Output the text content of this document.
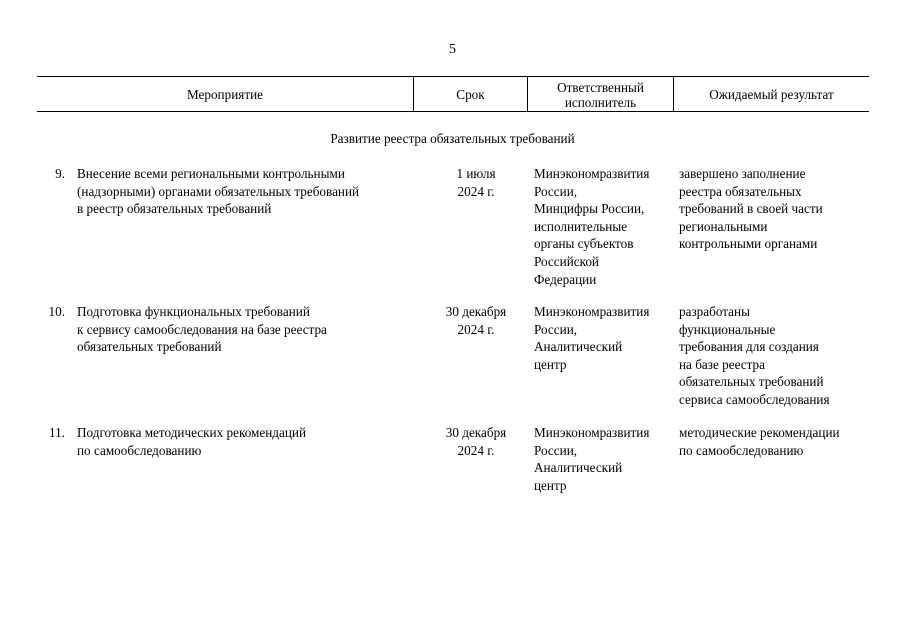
5
Мероприятие	Срок
Ответственный
исполнитель
Ожидаемый результат
Развитие реестра обязательных требований
9. Внесение всеми региональными контрольными
(надзорными) органами обязательных требований
в реестр обязательных требований
1 июля
2024 г.
Минэкономразвития
России,
Минцифры России,
исполнительные
органы субъектов
Российской
Федерации
завершено заполнение
реестра обязательных
требований в своей части
региональными
контрольными органами
10. Подготовка функциональных требований
к сервису самообследования на базе реестра
обязательных требований
30 декабря
2024 г.
Минэкономразвития
России,
Аналитический
центр
разработаны
функциональные
требования для создания
на базе реестра
обязательных требований
сервиса самообследования
11. Подготовка методических рекомендаций
по самообследованию
30 декабря
2024 г.
Минэкономразвития
России,
Аналитический
центр
методические рекомендации
по самообследованию
